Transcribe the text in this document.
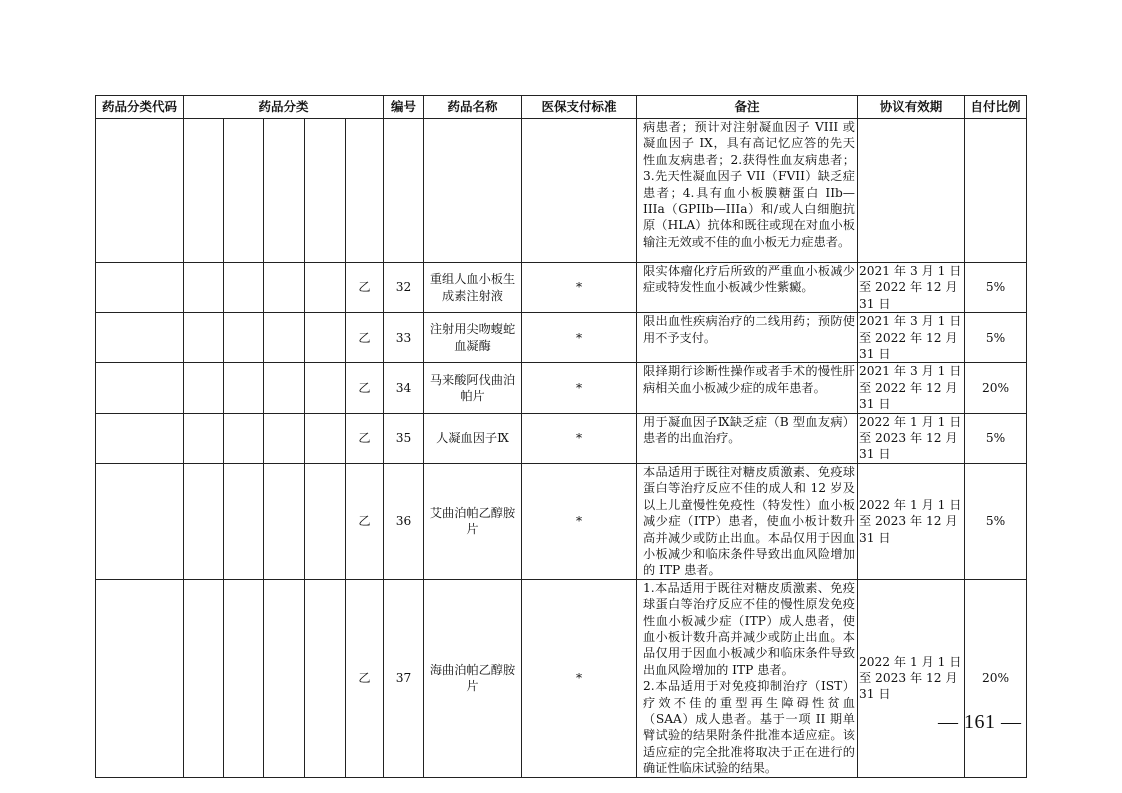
药品分类代码	药品分类					编号	药品名称	医保支付标准	备注	协议有效期	自付比例
									病患者；预计对注射凝血因子 VIII 或凝血因子 IX，具有高记忆应答的先天性血友病患者；2.获得性血友病患者；3.先天性凝血因子 VII（FVII）缺乏症患者；4.具有血小板膜糖蛋白 IIb—IIIa（GPIIb—IIIa）和/或人白细胞抗原（HLA）抗体和既往或现在对血小板输注无效或不佳的血小板无力症患者。		
					乙	32	重组人血小板生成素注射液	*	限实体瘤化疗后所致的严重血小板减少症或特发性血小板减少性紫癜。	2021 年 3 月 1 日至 2022 年 12 月 31 日	5%
					乙	33	注射用尖吻蝮蛇血凝酶	*	限出血性疾病治疗的二线用药；预防使用不予支付。	2021 年 3 月 1 日至 2022 年 12 月 31 日	5%
					乙	34	马来酸阿伐曲泊帕片	*	限择期行诊断性操作或者手术的慢性肝病相关血小板减少症的成年患者。	2021 年 3 月 1 日至 2022 年 12 月 31 日	20%
					乙	35	人凝血因子Ⅸ	*	用于凝血因子Ⅸ缺乏症（B 型血友病）患者的出血治疗。	2022 年 1 月 1 日至 2023 年 12 月 31 日	5%
					乙	36	艾曲泊帕乙醇胺片	*	本品适用于既往对糖皮质激素、免疫球蛋白等治疗反应不佳的成人和 12 岁及以上儿童慢性免疫性（特发性）血小板减少症（ITP）患者，使血小板计数升高并减少或防止出血。本品仅用于因血小板减少和临床条件导致出血风险增加的 ITP 患者。	2022 年 1 月 1 日至 2023 年 12 月 31 日	5%
					乙	37	海曲泊帕乙醇胺片	*	1.本品适用于既往对糖皮质激素、免疫球蛋白等治疗反应不佳的慢性原发免疫性血小板减少症（ITP）成人患者，使血小板计数升高并减少或防止出血。本品仅用于因血小板减少和临床条件导致出血风险增加的 ITP 患者。
2.本品适用于对免疫抑制治疗（IST）疗效不佳的重型再生障碍性贫血（SAA）成人患者。基于一项 II 期单臂试验的结果附条件批准本适应症。该适应症的完全批准将取决于正在进行的确证性临床试验的结果。	2022 年 1 月 1 日至 2023 年 12 月 31 日	20%
— 161 —
